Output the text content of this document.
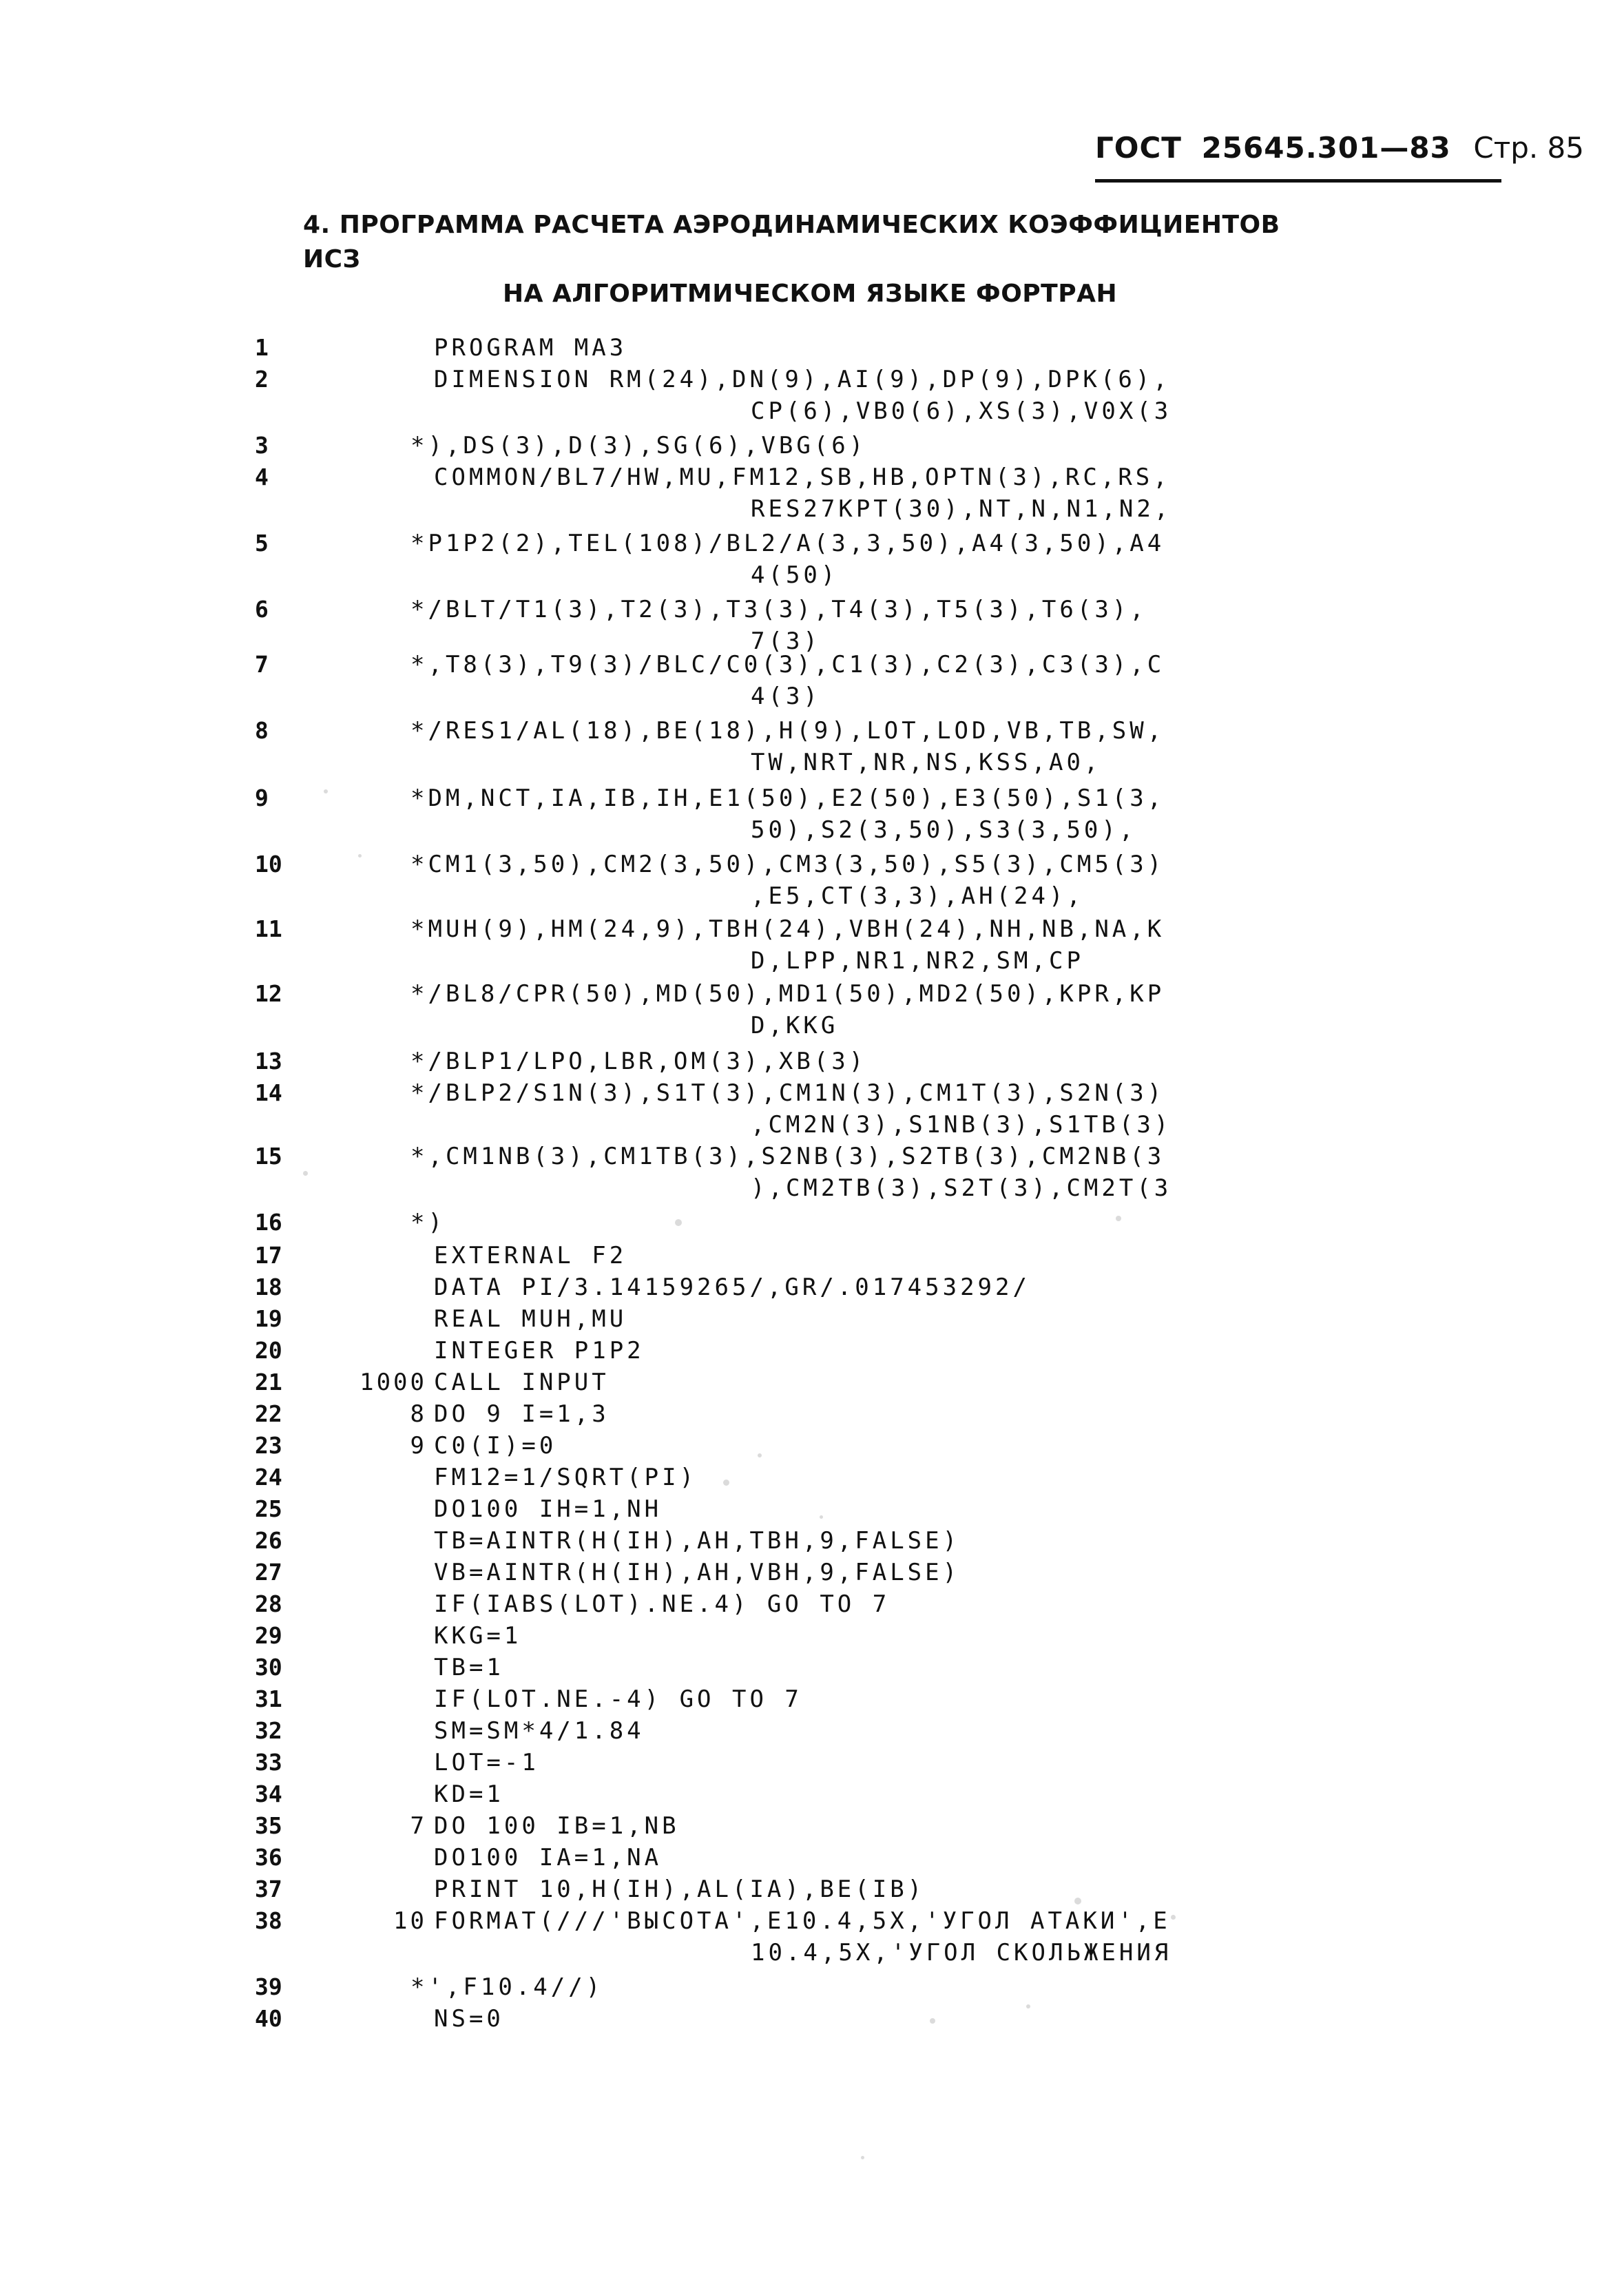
ГОСТ 25645.301—83 Стр. 85
4. ПРОГРАММА РАСЧЕТА АЭРОДИНАМИЧЕСКИХ КОЭФФИЦИЕНТОВ ИСЗ
НА АЛГОРИТМИЧЕСКОМ ЯЗЫКЕ ФОРТРАН
1	PROGRAM MA3
2	DIMENSION RM(24),DN(9),AI(9),DP(9),DPK(6),
CP(6),VB0(6),XS(3),V0X(3
3	*),DS(3),D(3),SG(6),VBG(6)
4	COMMON/BL7/HW,MU,FM12,SB,HB,OPTN(3),RC,RS,
RES27KPT(30),NT,N,N1,N2,
5	*P1P2(2),TEL(108)/BL2/A(3,3,50),A4(3,50),A4
4(50)
6	*/BLT/T1(3),T2(3),T3(3),T4(3),T5(3),T6(3),
7(3)
7	*,T8(3),T9(3)/BLC/C0(3),C1(3),C2(3),C3(3),C
4(3)
8	*/RES1/AL(18),BE(18),H(9),LOT,LOD,VB,TB,SW,
TW,NRT,NR,NS,KSS,A0,
9	*DM,NCT,IA,IB,IH,E1(50),E2(50),E3(50),S1(3,
50),S2(3,50),S3(3,50),
10	*CM1(3,50),CM2(3,50),CM3(3,50),S5(3),CM5(3)
,E5,CT(3,3),AH(24),
11	*MUH(9),HM(24,9),TBH(24),VBH(24),NH,NB,NA,K
D,LPP,NR1,NR2,SM,CP
12	*/BL8/CPR(50),MD(50),MD1(50),MD2(50),KPR,KP
D,KKG
13	*/BLP1/LPO,LBR,OM(3),XB(3)
14	*/BLP2/S1N(3),S1T(3),CM1N(3),CM1T(3),S2N(3)
,CM2N(3),S1NB(3),S1TB(3)
15	*,CM1NB(3),CM1TB(3),S2NB(3),S2TB(3),CM2NB(3
),CM2TB(3),S2T(3),CM2T(3
16	*)
17	EXTERNAL F2
18	DATA PI/3.14159265/,GR/.017453292/
19	REAL MUH,MU
20	INTEGER P1P2
21	1000 CALL INPUT
22	8 DO 9 I=1,3
23	9 C0(I)=0
24	FM12=1/SQRT(PI)
25	DO100 IH=1,NH
26	TB=AINTR(H(IH),AH,TBH,9,FALSE)
27	VB=AINTR(H(IH),AH,VBH,9,FALSE)
28	IF(IABS(LOT).NE.4) GO TO 7
29	KKG=1
30	TB=1
31	IF(LOT.NE.-4) GO TO 7
32	SM=SM*4/1.84
33	LOT=-1
34	KD=1
35	7 DO 100 IB=1,NB
36	DO100 IA=1,NA
37	PRINT 10,H(IH),AL(IA),BE(IB)
38	10 FORMAT(///'ВЫСОТА',E10.4,5X,'УГОЛ АТАКИ',E
10.4,5X,'УГОЛ СКОЛЬЖЕНИЯ
39	*',F10.4//)
40	NS=0
